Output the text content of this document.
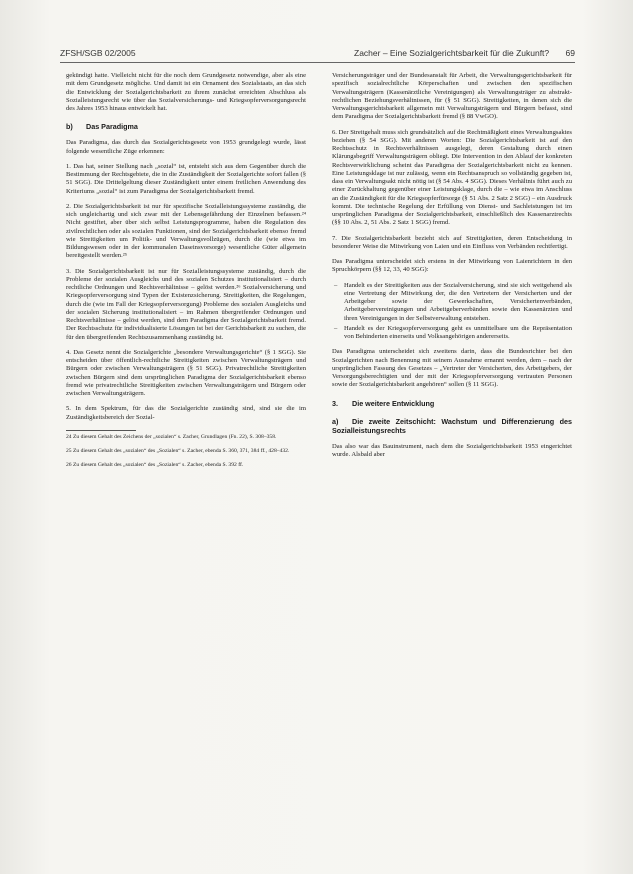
ZFSH/SGB 02/2005	Zacher – Eine Sozialgerichtsbarkeit für die Zukunft? 69

gekündigt hatte. Vielleicht nicht für die noch dem Grundgesetz notwendige, aber als eine mit dem Grundgesetz mögliche. Und damit ist ein Ornament des Sozialstaats, an das sich die Entwicklung der Sozialgerichtsbarkeit zu ihrem zunächst erreichten Abschluss als Sozialleistungsrecht wie über das Sozialversicherungs- und Kriegsopferversorgungsrecht des Jahres 1953 hinaus entwickelt hat.

b) Das Paradigma

Das Paradigma, das durch das Sozialgerichtsgesetz von 1953 grundgelegt wurde, lässt folgende wesentliche Züge erkennen:

1. Das hat, seiner Stellung nach „sozial“ ist, entsteht sich aus dem Gegenüber durch die Bestimmung der Rechtsgebiete, die in die Zuständigkeit der Sozialgerichte sofort fallen (§ 51 SGG). Die Drittelgeltung dieser Zuständigkeit unter einem freilichen Anwendung des Kriteriums „sozial“ ist zum Paradigma der Sozialgerichtsbarkeit fremd.

2. Die Sozialgerichtsbarkeit ist nur für spezifische Sozialleistungssysteme zuständig, die sich ungleichartig und sich zwar mit der Lebensgefährdung der Einzelnen befassen.²⁴ Nicht gestiftet, aber über sich selbst Leistungsprogramme, haben die Regulation des zivilrechtlichen oder als sozialen Funktionen, sind der Sozialgerichtsbarkeit ebenso fremd wie Streitigkeiten um Politik- und Verwaltungsvollzügen, durch die (wie etwa im Bildungswesen oder in der kommunalen Daseinsvorsorge) wesentliche Güter allgemein bereitgestellt werden.²⁵

3. Die Sozialgerichtsbarkeit ist nur für Sozialleistungssysteme zuständig, durch die Probleme der sozialen Ausgleichs und des sozialen Schutzes institutionalisiert – durch rechtliche Ordnungen und Rechtsverhältnisse – gelöst werden.²⁶ Sozialversicherung und Kriegsopferversorgung sind Typen der Existenzsicherung. Streitigkeiten, die Regelungen, durch die (wie im Fall der Kriegsopferversorgung) Probleme des sozialen Ausgleichs und der sozialen Sicherung institutionalisiert – im Rahmen übergreifender Ordnungen und Rechtsverhältnisse – gelöst werden, sind dem Paradigma der Sozialgerichtsbarkeit fremd. Der Rechtsschutz für individualisierte Lösungen ist bei der Gerichtsbarkeit zu suchen, die für den übergreifenden Rechtszusammenhang zuständig ist.

4. Das Gesetz nennt die Sozialgerichte „besondere Verwaltungsgerichte“ (§ 1 SGG). Sie entscheiden über öffentlich-rechtliche Streitigkeiten zwischen Verwaltungsträgern und Bürgern oder zwischen Verwaltungsträgern (§ 51 SGG). Privatrechtliche Streitigkeiten zwischen Bürgern sind dem ursprünglichen Paradigma der Sozialgerichtsbarkeit ebenso fremd wie privatrechtliche Streitigkeiten zwischen Verwaltungsträgern und Bürgern oder zwischen Verwaltungsträgern.

5. In dem Spektrum, für das die Sozialgerichte zuständig sind, sind sie die im Zuständigkeitsbereich der Sozial-

24 Zu diesem Gehalt des Zeichens der „sozialen“ s. Zacher, Grundlagen (Fn. 22), S. 308–358.

25 Zu diesem Gehalt des „sozialen“ des „Sozialen“ s. Zacher, ebenda S. 360, 371, 384 ff., 428–432.

26 Zu diesem Gehalt des „sozialen“ des „Sozialen“ s. Zacher, ebenda S. 392 ff.

Versicherungsträger und der Bundesanstalt für Arbeit, die Verwaltungsgerichtsbarkeit für spezifisch sozialrechtliche Körperschaften und zwischen den spezifischen Verwaltungsträgern (Kassenärztliche Vereinigungen) als Verwaltungsträger zu abstrakt-rechtlichen Beziehungsverhältnissen, für (§ 51 SGG). Streitigkeiten, in denen sich die Verwaltungsgerichtsbarkeit allgemein mit Verwaltungsträgern und Bürgern befasst, sind dem Paradigma der Sozialgerichtsbarkeit fremd (§ 88 VwGO).

6. Der Streitgehalt muss sich grundsätzlich auf die Rechtmäßigkeit eines Verwaltungsaktes beziehen (§ 54 SGG). Mit anderen Worten: Die Sozialgerichtsbarkeit ist auf den Rechtsschutz in Rechtsverhältnissen ausgelegt, deren Gestaltung durch einen Klärungsbegriff Verwaltungsträgern obliegt. Die Intervention in den Ablauf der konkreten Rechtsverwirklichung scheint das Paradigma der Sozialgerichtsbarkeit nicht zu kennen. Eine Leistungsklage ist nur zulässig, wenn ein Rechtsanspruch so vollständig gegeben ist, dass ein Verwaltungsakt nicht nötig ist (§ 54 Abs. 4 SGG). Dieses Verhältnis führt auch zu einer Zurückhaltung gegenüber einer Leistungsklage, durch die – wie etwa im Anschluss an die Zuständigkeit für die Kriegsopferfürsorge (§ 51 Abs. 2 Satz 2 SGG) – ein Ausdruck kommt. Die technische Regelung der Erfüllung von Dienst- und Sachleistungen ist im ursprünglichen Paradigma der Sozialgerichtsbarkeit, einschließlich des Kassenarztrechts (§§ 10 Abs. 2, 51 Abs. 2 Satz 1 SGG) fremd.

7. Die Sozialgerichtsbarkeit bezieht sich auf Streitigkeiten, deren Entscheidung in besonderer Weise die Mitwirkung von Laien und ein Einfluss von Verbänden rechtfertigt.

Das Paradigma unterscheidet sich erstens in der Mitwirkung von Laienrichtern in den Spruchkörpern (§§ 12, 33, 40 SGG):

– Handelt es der Streitigkeiten aus der Sozialversicherung, sind sie sich weitgehend als eine Vertretung der Mitwirkung der, die den Vertretern der Versicherten und der Arbeitgeber sowie der Gewerkschaften, Versichertenverbänden, Arbeitgebervereinigungen und Arbeitgeberverbänden sowie den Kassenärzten und ihren Vereinigungen in der Selbstverwaltung entstehen.
– Handelt es der Kriegsopferversorgung geht es unmittelbare um die Repräsentation von Behinderten einerseits und Volksangehörigen andererseits.

Das Paradigma unterscheidet sich zweitens darin, dass die Bundesrichter bei den Sozialgerichten nach Benennung mit seinem Ausnahme ernannt werden, dem – nach der ursprünglichen Fassung des Gesetzes – „Vertreter der Versicherten, des Arbeitgebers, der Versorgungsberechtigten und der mit der Kriegsopferversorgung vertrauten Personen sowie der Sozialgerichtsbarkeit angehören“ sollen (§ 11 SGG).

3. Die weitere Entwicklung
a) Die zweite Zeitschicht: Wachstum und Differenzierung des Sozialleistungsrechts

Das also war das Bauinstrument, nach dem die Sozialgerichtsbarkeit 1953 eingerichtet wurde. Alsbald aber
